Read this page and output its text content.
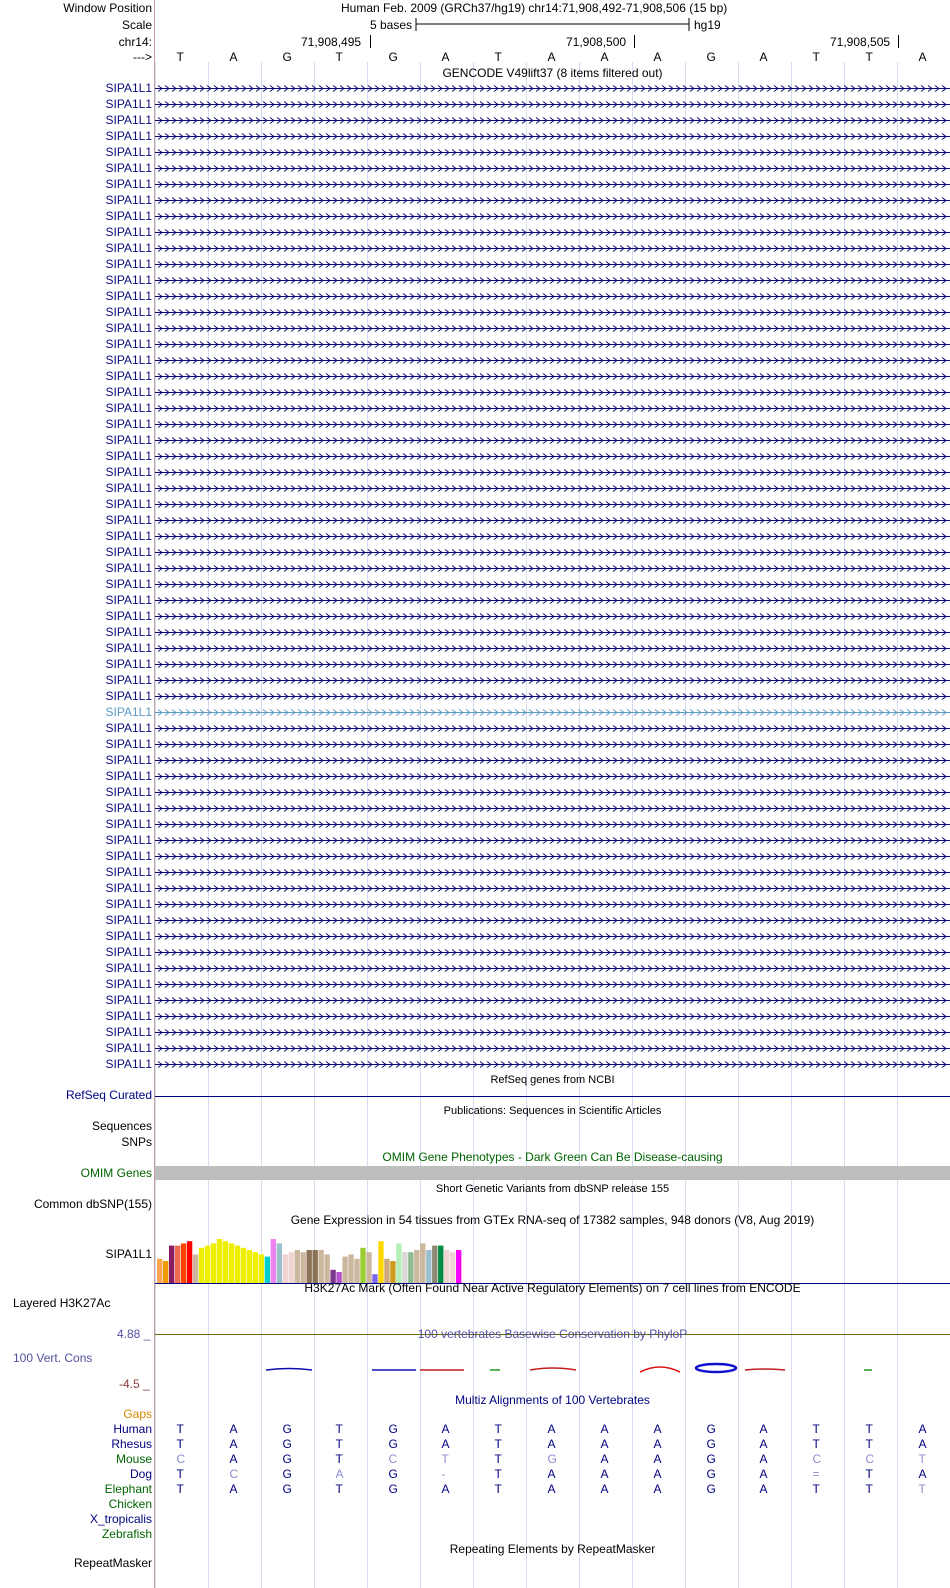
Window Position	Human Feb. 2009 (GRCh37/hg19) chr14:71,908,492-71,908,506 (15 bp)
Scale	5 bases	hg19
chr14:	71,908,495	71,908,500	71,908,505
---> T	A	G	T	G	A	T	A	A	A	G	A	T	T	A
GENCODE V49lift37 (8 items filtered out)
SIPA1L1
SIPA1L1
SIPA1L1
SIPA1L1
SIPA1L1
SIPA1L1
SIPA1L1
SIPA1L1
SIPA1L1
SIPA1L1
SIPA1L1
SIPA1L1
SIPA1L1
SIPA1L1
SIPA1L1
SIPA1L1
SIPA1L1
SIPA1L1
SIPA1L1
SIPA1L1
SIPA1L1
SIPA1L1
SIPA1L1
SIPA1L1
SIPA1L1
SIPA1L1
SIPA1L1
SIPA1L1
SIPA1L1
SIPA1L1
SIPA1L1
SIPA1L1
SIPA1L1
SIPA1L1
SIPA1L1
SIPA1L1
SIPA1L1
SIPA1L1
SIPA1L1
SIPA1L1
SIPA1L1
SIPA1L1
SIPA1L1
SIPA1L1
SIPA1L1
SIPA1L1
SIPA1L1
SIPA1L1
SIPA1L1
SIPA1L1
SIPA1L1
SIPA1L1
SIPA1L1
SIPA1L1
SIPA1L1
SIPA1L1
SIPA1L1
SIPA1L1
SIPA1L1
SIPA1L1
SIPA1L1
SIPA1L1
RefSeq genes from NCBI
RefSeq Curated
Publications: Sequences in Scientific Articles
Sequences
SNPs
OMIM Gene Phenotypes - Dark Green Can Be Disease-causing
OMIM Genes
Short Genetic Variants from dbSNP release 155
Common dbSNP(155)
Gene Expression in 54 tissues from GTEx RNA-seq of 17382 samples, 948 donors (V8, Aug 2019)
SIPA1L1
H3K27Ac Mark (Often Found Near Active Regulatory Elements) on 7 cell lines from ENCODE
Layered H3K27Ac
100 vertebrates Basewise Conservation by PhyloP
4.88 _
100 Vert. Cons
-4.5 _
Multiz Alignments of 100 Vertebrates
Gaps
Human T	A	G	T	G	A	T	A	A	A	G	A	T	T	A
Rhesus T	A	G	T	G	A	T	A	A	A	G	A	T	T	A
Mouse C	A	G	T	C	T	T	G	A	A	G	A	C	C	T
Dog T	C	G	A	G	-	T	A	A	A	G	A	=	T	A
Elephant T	A	G	T	G	A	T	A	A	A	G	A	T	T	T
Chicken
X_tropicalis
Zebrafish
Repeating Elements by RepeatMasker
RepeatMasker
